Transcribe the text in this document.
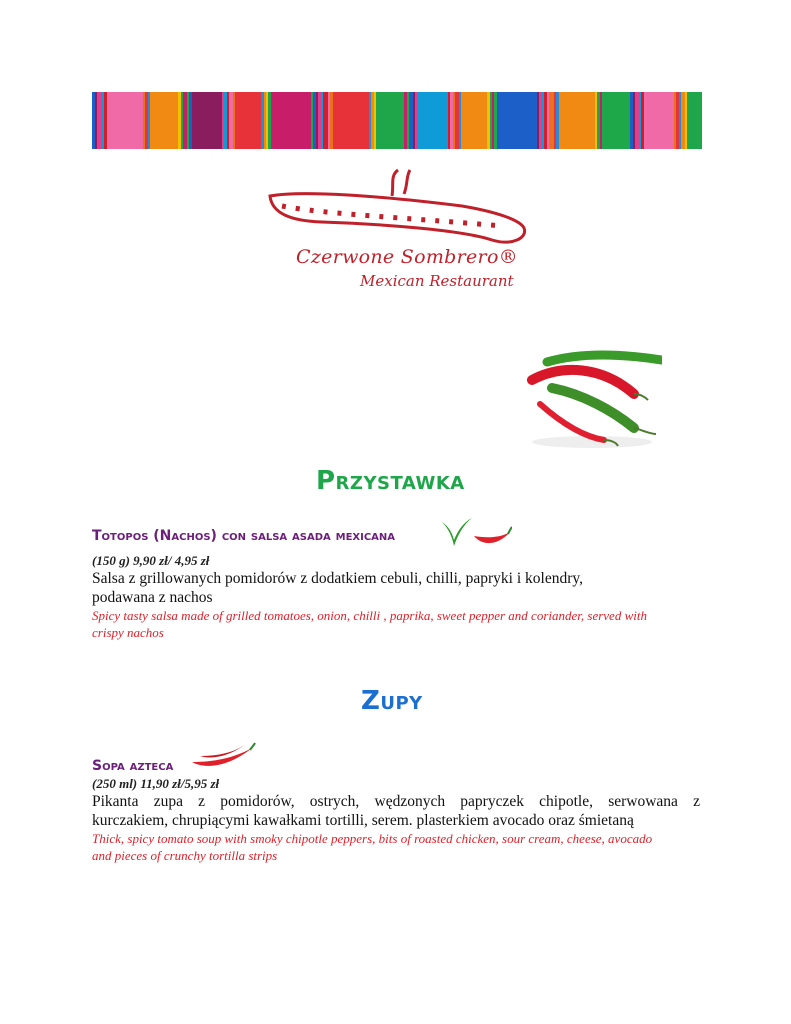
Czerwone Sombrero®
Mexican Restaurant
Przystawka
Totopos (Nachos) con salsa asada mexicana
(150 g) 9,90 zł/ 4,95 zł
Salsa z grillowanych pomidorów z dodatkiem cebuli, chilli, papryki i kolendry,
podawana z nachos
Spicy tasty salsa made of grilled tomatoes, onion, chilli , paprika, sweet pepper and coriander, served with
crispy nachos
Zupy
Sopa azteca
(250 ml) 11,90 zł/5,95 zł
Pikanta zupa z pomidorów, ostrych, wędzonych papryczek chipotle, serwowana z
kurczakiem, chrupiącymi kawałkami tortilli, serem. plasterkiem avocado oraz śmietaną
Thick, spicy tomato soup with smoky chipotle peppers, bits of roasted chicken, sour cream, cheese, avocado
and pieces of crunchy tortilla strips
